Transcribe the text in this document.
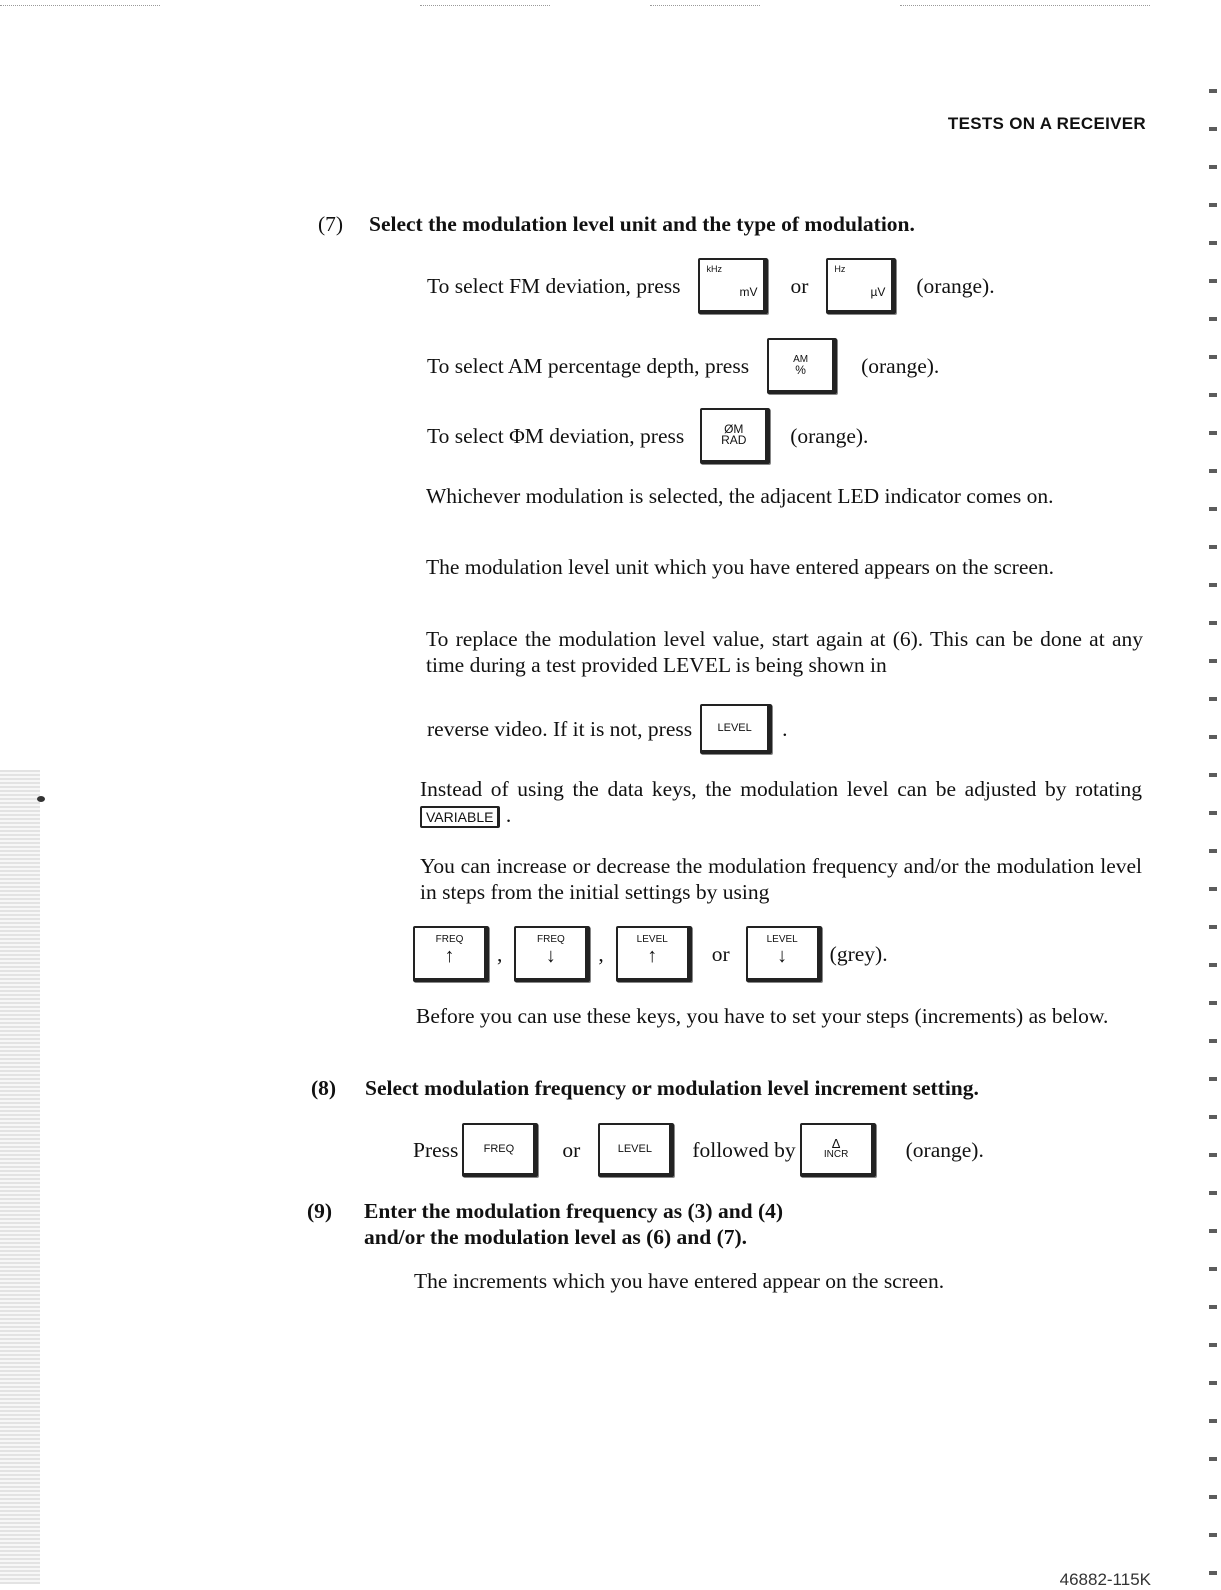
TESTS ON A RECEIVER
(7) Select the modulation level unit and the type of modulation.
To select FM deviation, press
kHz
mV or
Hz
µV (orange).
To select AM percentage depth, press	AM
%	(orange).
To select ΦM deviation, press	ØM
RAD (orange).
Whichever modulation is selected, the adjacent LED indicator comes on.
The modulation level unit which you have entered appears on the screen.
To replace the modulation level value, start again at (6). This can be done at any time during a test provided LEVEL is being shown in
reverse video. If it is not, press LEVEL .
Instead of using the data keys, the modulation level can be adjusted by rotating VARIABLE .
You can increase or decrease the modulation frequency and/or the modulation level in steps from the initial settings by using
FREQ
↑ ,
FREQ
↓ ,
LEVEL
↑	or
LEVEL
↓ (grey).
Before you can use these keys, you have to set your steps (increments) as below.
(8) Select modulation frequency or modulation level increment setting.
Press FREQ or	LEVEL followed by	Δ
INCR	(orange).
(9) Enter the modulation frequency as (3) and (4)
and/or the modulation level as (6) and (7).
The increments which you have entered appear on the screen.
46882-115K
